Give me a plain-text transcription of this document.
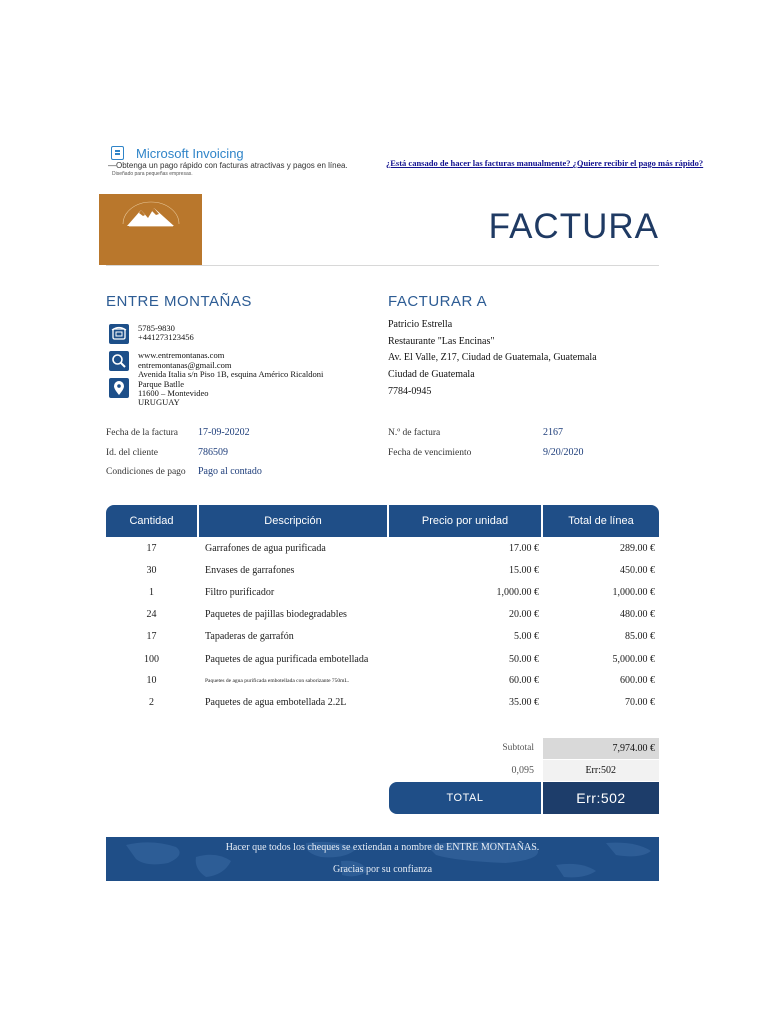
Microsoft Invoicing
—Obtenga un pago rápido con facturas atractivas y pagos en línea.
Diseñado para pequeñas empresas.
¿Está cansado de hacer las facturas manualmente? ¿Quiere recibir el pago más rápido?
ENTRE
MONTANAS
FACTURA
ENTRE MONTAÑAS	FACTURAR A
5785-9830
+441273123456
www.entremontanas.com
entremontanas@gmail.com
Avenida Italia s/n Piso 1B, esquina Américo Ricaldoni
Parque Batlle
11600 – Montevideo
URUGUAY
Patricio Estrella
Restaurante "Las Encinas"
Av. El Valle, Z17, Ciudad de Guatemala, Guatemala
Ciudad de Guatemala
7784-0945
Fecha de la factura 17-09-20202
Id. del cliente	786509
Condiciones de pago Pago al contado
N.º de factura	2167
Fecha de vencimiento	9/20/2020
Cantidad	Descripción	Precio por unidad	Total de línea
17	Garrafones de agua purificada	17.00 €	289.00 €
30	Envases de garrafones	15.00 €	450.00 €
1	Filtro purificador	1,000.00 €	1,000.00 €
24	Paquetes de pajillas biodegradables	20.00 €	480.00 €
17	Tapaderas de garrafón	5.00 €	85.00 €
100	Paquetes de agua purificada embotellada	50.00 €	5,000.00 €
10	Paquetes de agua purificada embotellada con saborizante 750mL.	60.00 €	600.00 €
2	Paquetes de agua embotellada 2.2L	35.00 €	70.00 €
Subtotal	7,974.00 €
0,095	Err:502
TOTAL	Err:502
Hacer que todos los cheques se extiendan a nombre de ENTRE MONTAÑAS.
Gracias por su confianza
